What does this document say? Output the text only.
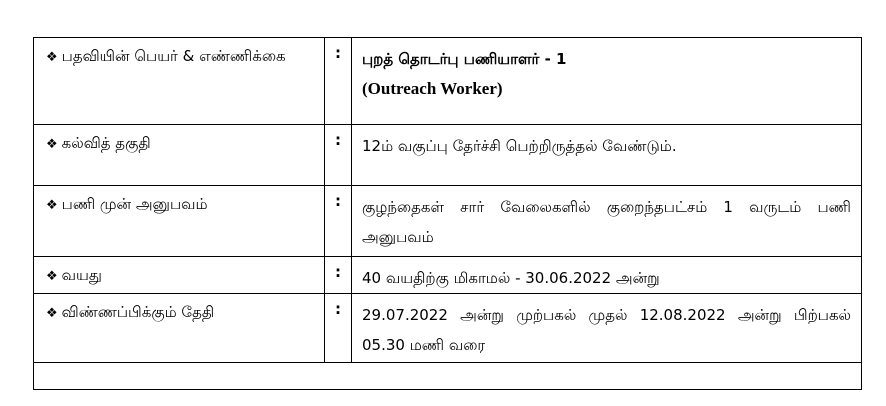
❖ பதவியின் பெயர் & எண்ணிக்கை	:	புறத் தொடர்பு பணியாளர் - 1
(Outreach Worker)

❖ கல்வித் தகுதி	:	12ம் வகுப்பு தேர்ச்சி பெற்றிருத்தல் வேண்டும்.
❖ பணி முன் அனுபவம்	:	குழந்தைகள் சார் வேலைகளில் குறைந்தபட்சம் 1 வருடம் பணி அனுபவம்
❖ வயது	:	40 வயதிற்கு மிகாமல் - 30.06.2022 அன்று
❖ விண்ணப்பிக்கும் தேதி	:	29.07.2022 அன்று முற்பகல் முதல் 12.08.2022 அன்று பிற்பகல் 05.30 மணி வரை
